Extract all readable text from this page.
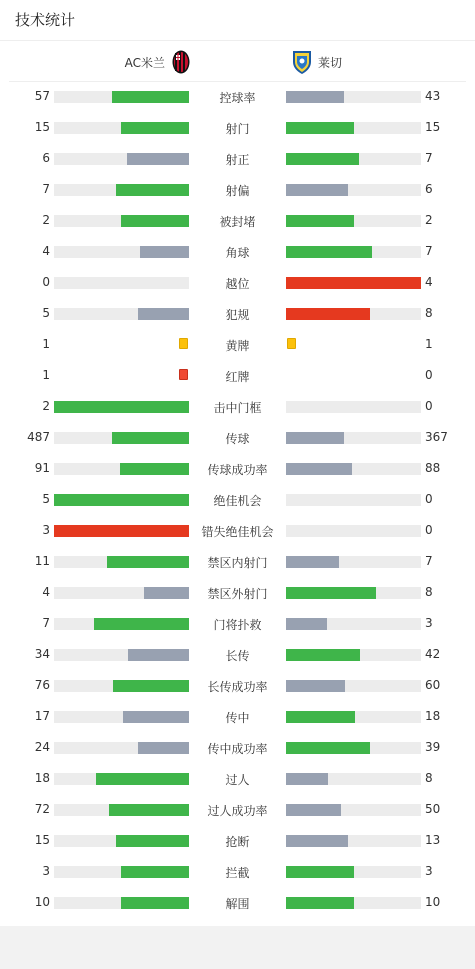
技术统计
AC米兰	莱切
57	控球率	43
15	射门	15
6	射正	7
7	射偏	6
2	被封堵	2
4	角球	7
0	越位	4
5	犯规	8
1	黄牌	1
1	红牌	0
2	击中门框	0
487	传球	367
91	传球成功率	88
5	绝佳机会	0
3	错失绝佳机会	0
11	禁区内射门	7
4	禁区外射门	8
7	门将扑救	3
34	长传	42
76	长传成功率	60
17	传中	18
24	传中成功率	39
18	过人	8
72	过人成功率	50
15	抢断	13
3	拦截	3
10	解围	10
